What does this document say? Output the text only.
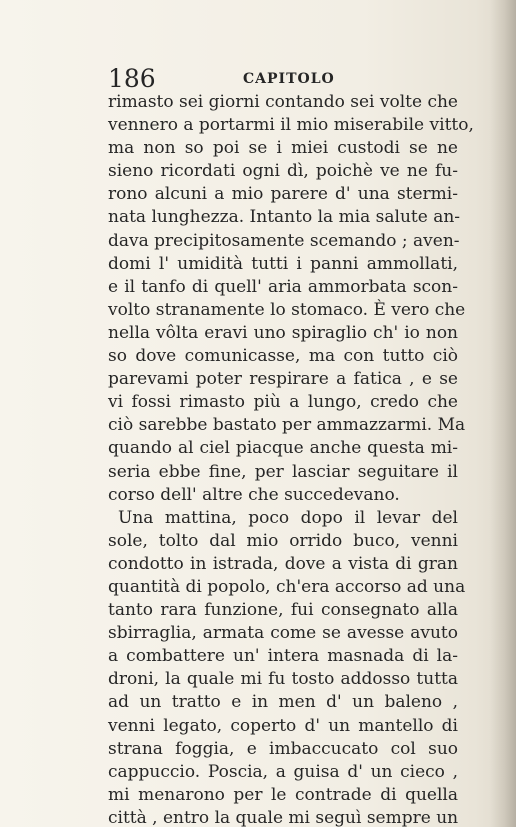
186	CAPITOLO
rimasto sei giorni contando sei volte che
vennero a portarmi il mio miserabile vitto,
ma non so poi se i miei custodi se ne
sieno ricordati ogni dì, poichè ve ne fu-
rono alcuni a mio parere d' una stermi-
nata lunghezza. Intanto la mia salute an-
dava precipitosamente scemando ; aven-
domi l' umidità tutti i panni ammollati,
e il tanfo di quell' aria ammorbata scon-
volto stranamente lo stomaco. È vero che
nella vôlta eravi uno spiraglio ch' io non
so dove comunicasse, ma con tutto ciò
parevami poter respirare a fatica , e se
vi fossi rimasto più a lungo, credo che
ciò sarebbe bastato per ammazzarmi. Ma
quando al ciel piacque anche questa mi-
seria ebbe fine, per lasciar seguitare il
corso dell' altre che succedevano.
Una mattina, poco dopo il levar del
sole, tolto dal mio orrido buco, venni
condotto in istrada, dove a vista di gran
quantità di popolo, ch'era accorso ad una
tanto rara funzione, fui consegnato alla
sbirraglia, armata come se avesse avuto
a combattere un' intera masnada di la-
droni, la quale mi fu tosto addosso tutta
ad un tratto e in men d' un baleno ,
venni legato, coperto d' un mantello di
strana foggia, e imbaccucato col suo
cappuccio. Poscia, a guisa d' un cieco ,
mi menarono per le contrade di quella
città , entro la quale mi seguì sempre un
